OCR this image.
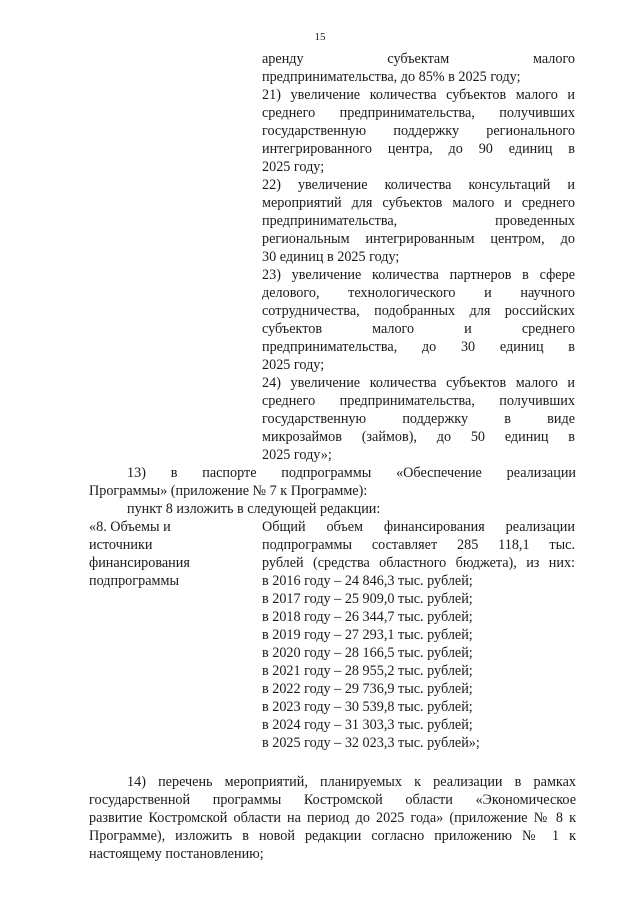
15
аренду субъектам малого
предпринимательства, до 85% в 2025 году;
21) увеличение количества субъектов малого и
среднего предпринимательства, получивших
государственную поддержку регионального
интегрированного центра, до 90 единиц в
2025 году;
22) увеличение количества консультаций и
мероприятий для субъектов малого и среднего
предпринимательства, проведенных
региональным интегрированным центром, до
30 единиц в 2025 году;
23) увеличение количества партнеров в сфере
делового, технологического и научного
сотрудничества, подобранных для российских
субъектов малого и среднего
предпринимательства, до 30 единиц в
2025 году;
24) увеличение количества субъектов малого и
среднего предпринимательства, получивших
государственную поддержку в виде
микрозаймов (займов), до 50 единиц в
2025 году»;
13) в паспорте подпрограммы «Обеспечение реализации
Программы» (приложение № 7 к Программе):
пункт 8 изложить в следующей редакции:
«8. Объемы и
источники
финансирования
подпрограммы
Общий объем финансирования реализации
подпрограммы составляет 285 118,1 тыс.
рублей (средства областного бюджета), из них:
в 2016 году – 24 846,3 тыс. рублей;
в 2017 году – 25 909,0 тыс. рублей;
в 2018 году – 26 344,7 тыс. рублей;
в 2019 году – 27 293,1 тыс. рублей;
в 2020 году – 28 166,5 тыс. рублей;
в 2021 году – 28 955,2 тыс. рублей;
в 2022 году – 29 736,9 тыс. рублей;
в 2023 году – 30 539,8 тыс. рублей;
в 2024 году – 31 303,3 тыс. рублей;
в 2025 году – 32 023,3 тыс. рублей»;
14) перечень мероприятий, планируемых к реализации в рамках
государственной программы Костромской области «Экономическое
развитие Костромской области на период до 2025 года» (приложение № 8 к
Программе), изложить в новой редакции согласно приложению № 1 к
настоящему постановлению;
